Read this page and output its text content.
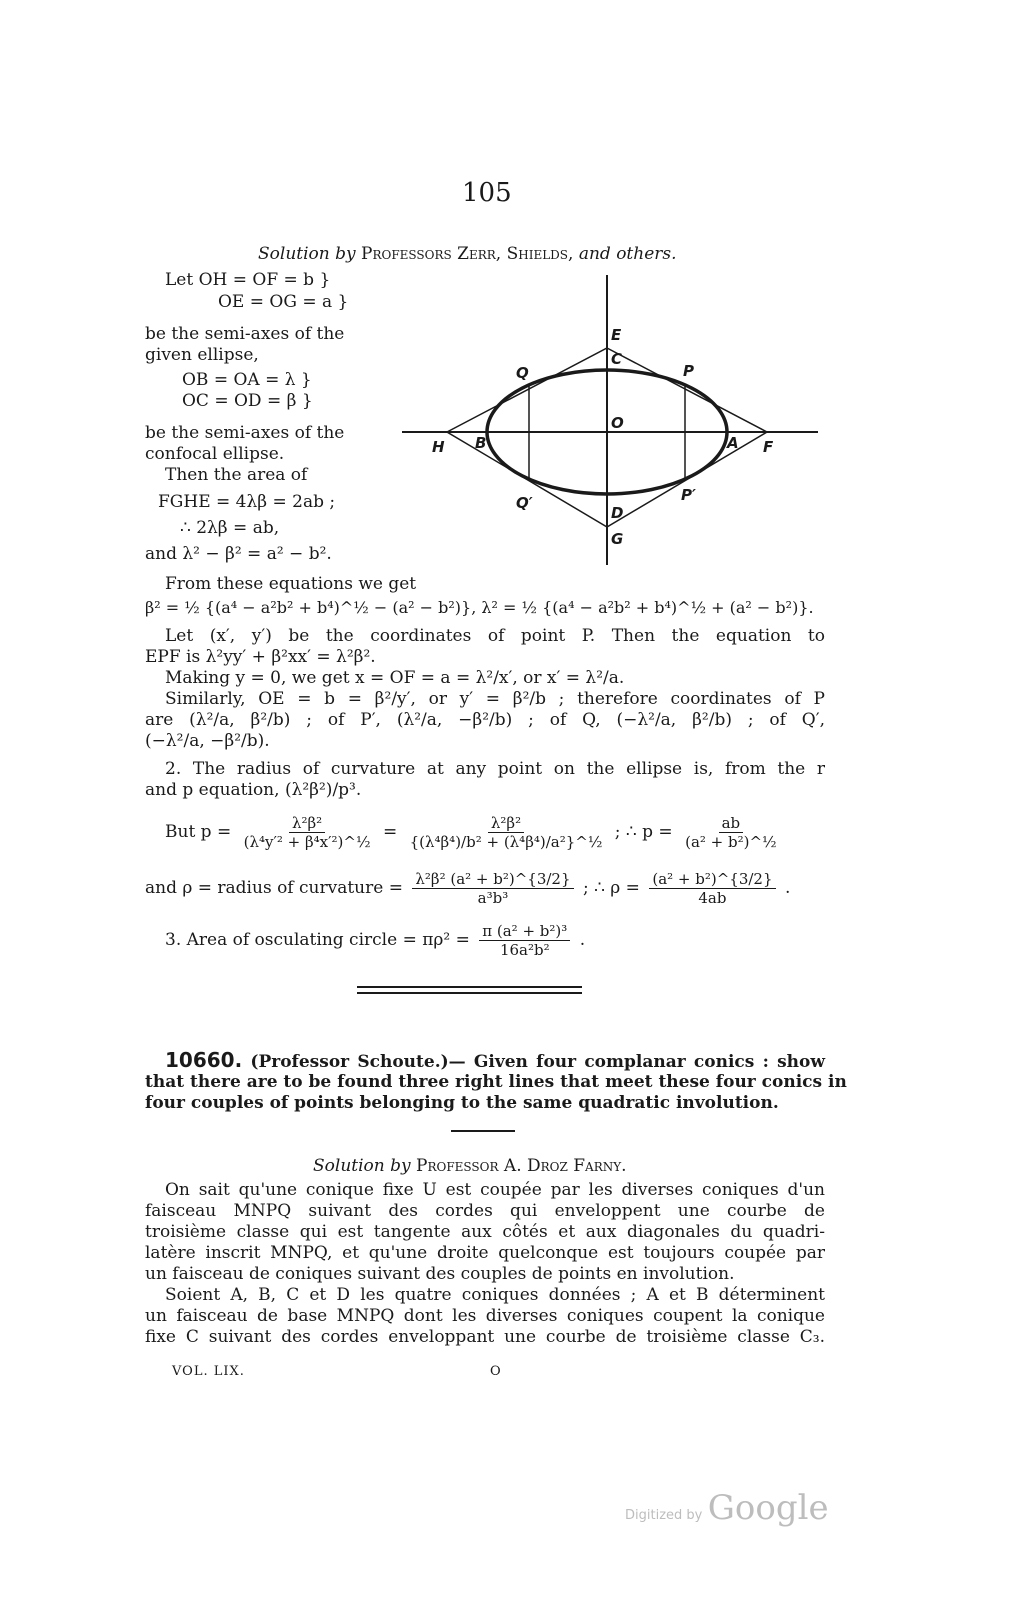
105
Solution by Professors Zerr, Shields, and others.
Let OH = OF = b }
OE = OG = a }
be the semi-axes of the
given ellipse,
OB = OA = λ }
OC = OD = β }
be the semi-axes of the
confocal ellipse.
Then the area of
FGHE = 4λβ = 2ab ;
∴ 2λβ = ab,
and λ² − β² = a² − b².
E
C
Q	P
O
H B	A F
Q′	P′
D
G
From these equations we get
β² = ½ {(a⁴ − a²b² + b⁴)^½ − (a² − b²)}, λ² = ½ {(a⁴ − a²b² + b⁴)^½ + (a² − b²)}.
Let (x′, y′) be the coordinates of point P. Then the equation to
EPF is λ²yy′ + β²xx′ = λ²β².
Making y = 0, we get x = OF = a = λ²/x′, or x′ = λ²/a.
Similarly, OE = b = β²/y′, or y′ = β²/b ; therefore coordinates of P
are (λ²/a, β²/b) ; of P′, (λ²/a, −β²/b) ; of Q, (−λ²/a, β²/b) ; of Q′,
(−λ²/a, −β²/b).
2. The radius of curvature at any point on the ellipse is, from the r
and p equation, (λ²β²)/p³.
But $p = \frac{\text{λ²β²}}{\text{(λ⁴y′² + β⁴x′²)\textasciicircum{}½}} = \frac{\text{λ²β²}}{\text{\{(λ⁴β⁴)/b² + (λ⁴β⁴)/a²\}\textasciicircum{}½}}$ ; ∴ $p = \frac{ab}{\text{(a² + b²)\textasciicircum{}½}}$
and ρ = radius of curvature = $\frac{\text{λ²β² (a² + b²)\textasciicircum{}\{3/2\}}}{\text{a³b³}}$ ; ∴ $\rho = \frac{\text{(a² + b²)\textasciicircum{}\{3/2\}}}{4ab}$ .
3. Area of osculating circle = $\pi\rho^2 = \frac{\text{π (a² + b²)³}}{\text{16a²b²}}$ .
10660. (Professor Schoute.)— Given four complanar conics : show
that there are to be found three right lines that meet these four conics in
four couples of points belonging to the same quadratic involution.
Solution by Professor A. Droz Farny.
On sait qu'une conique fixe U est coupée par les diverses coniques d'un
faisceau MNPQ suivant des cordes qui enveloppent une courbe de
troisième classe qui est tangente aux côtés et aux diagonales du quadri-
latère inscrit MNPQ, et qu'une droite quelconque est toujours coupée par
un faisceau de coniques suivant des couples de points en involution.
Soient A, B, C et D les quatre coniques données ; A et B déterminent
un faisceau de base MNPQ dont les diverses coniques coupent la conique
fixe C suivant des cordes enveloppant une courbe de troisième classe C₃.
VOL. LIX.	O
Digitized by Google
